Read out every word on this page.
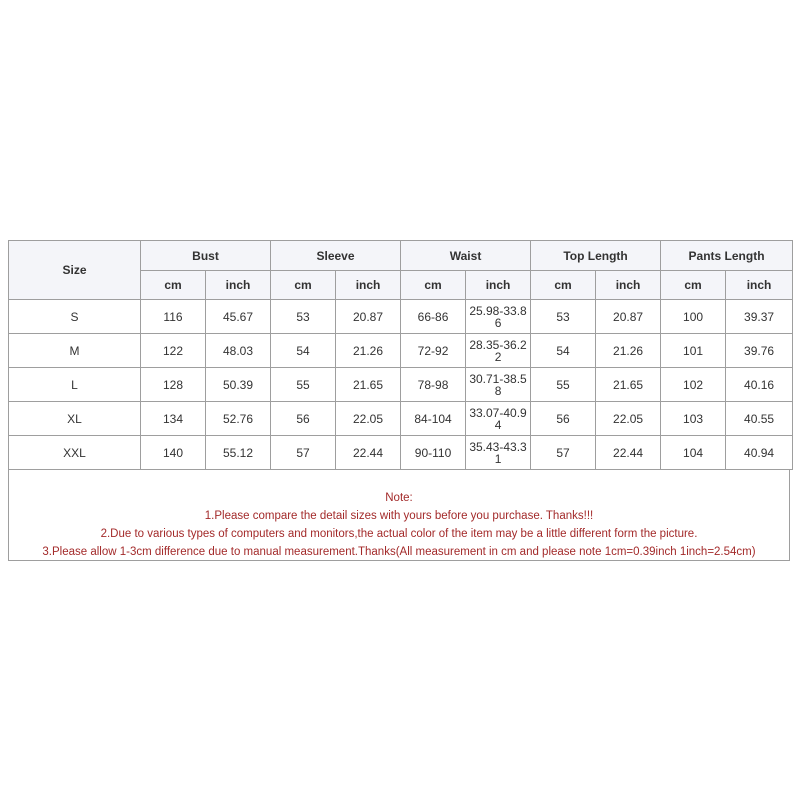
Size	Bust		Sleeve		Waist		Top Length		Pants Length	
	cm	inch	cm	inch	cm	inch	cm	inch	cm	inch
S	116	45.67	53	20.87	66-86	25.98-33.86	53	20.87	100	39.37
M	122	48.03	54	21.26	72-92	28.35-36.22	54	21.26	101	39.76
L	128	50.39	55	21.65	78-98	30.71-38.58	55	21.65	102	40.16
XL	134	52.76	56	22.05	84-104	33.07-40.94	56	22.05	103	40.55
XXL	140	55.12	57	22.44	90-110	35.43-43.31	57	22.44	104	40.94
Note:
1.Please compare the detail sizes with yours before you purchase. Thanks!!!
2.Due to various types of computers and monitors,the actual color of the item may be a little different form the picture.
3.Please allow 1-3cm difference due to manual measurement.Thanks(All measurement in cm and please note 1cm=0.39inch 1inch=2.54cm)
